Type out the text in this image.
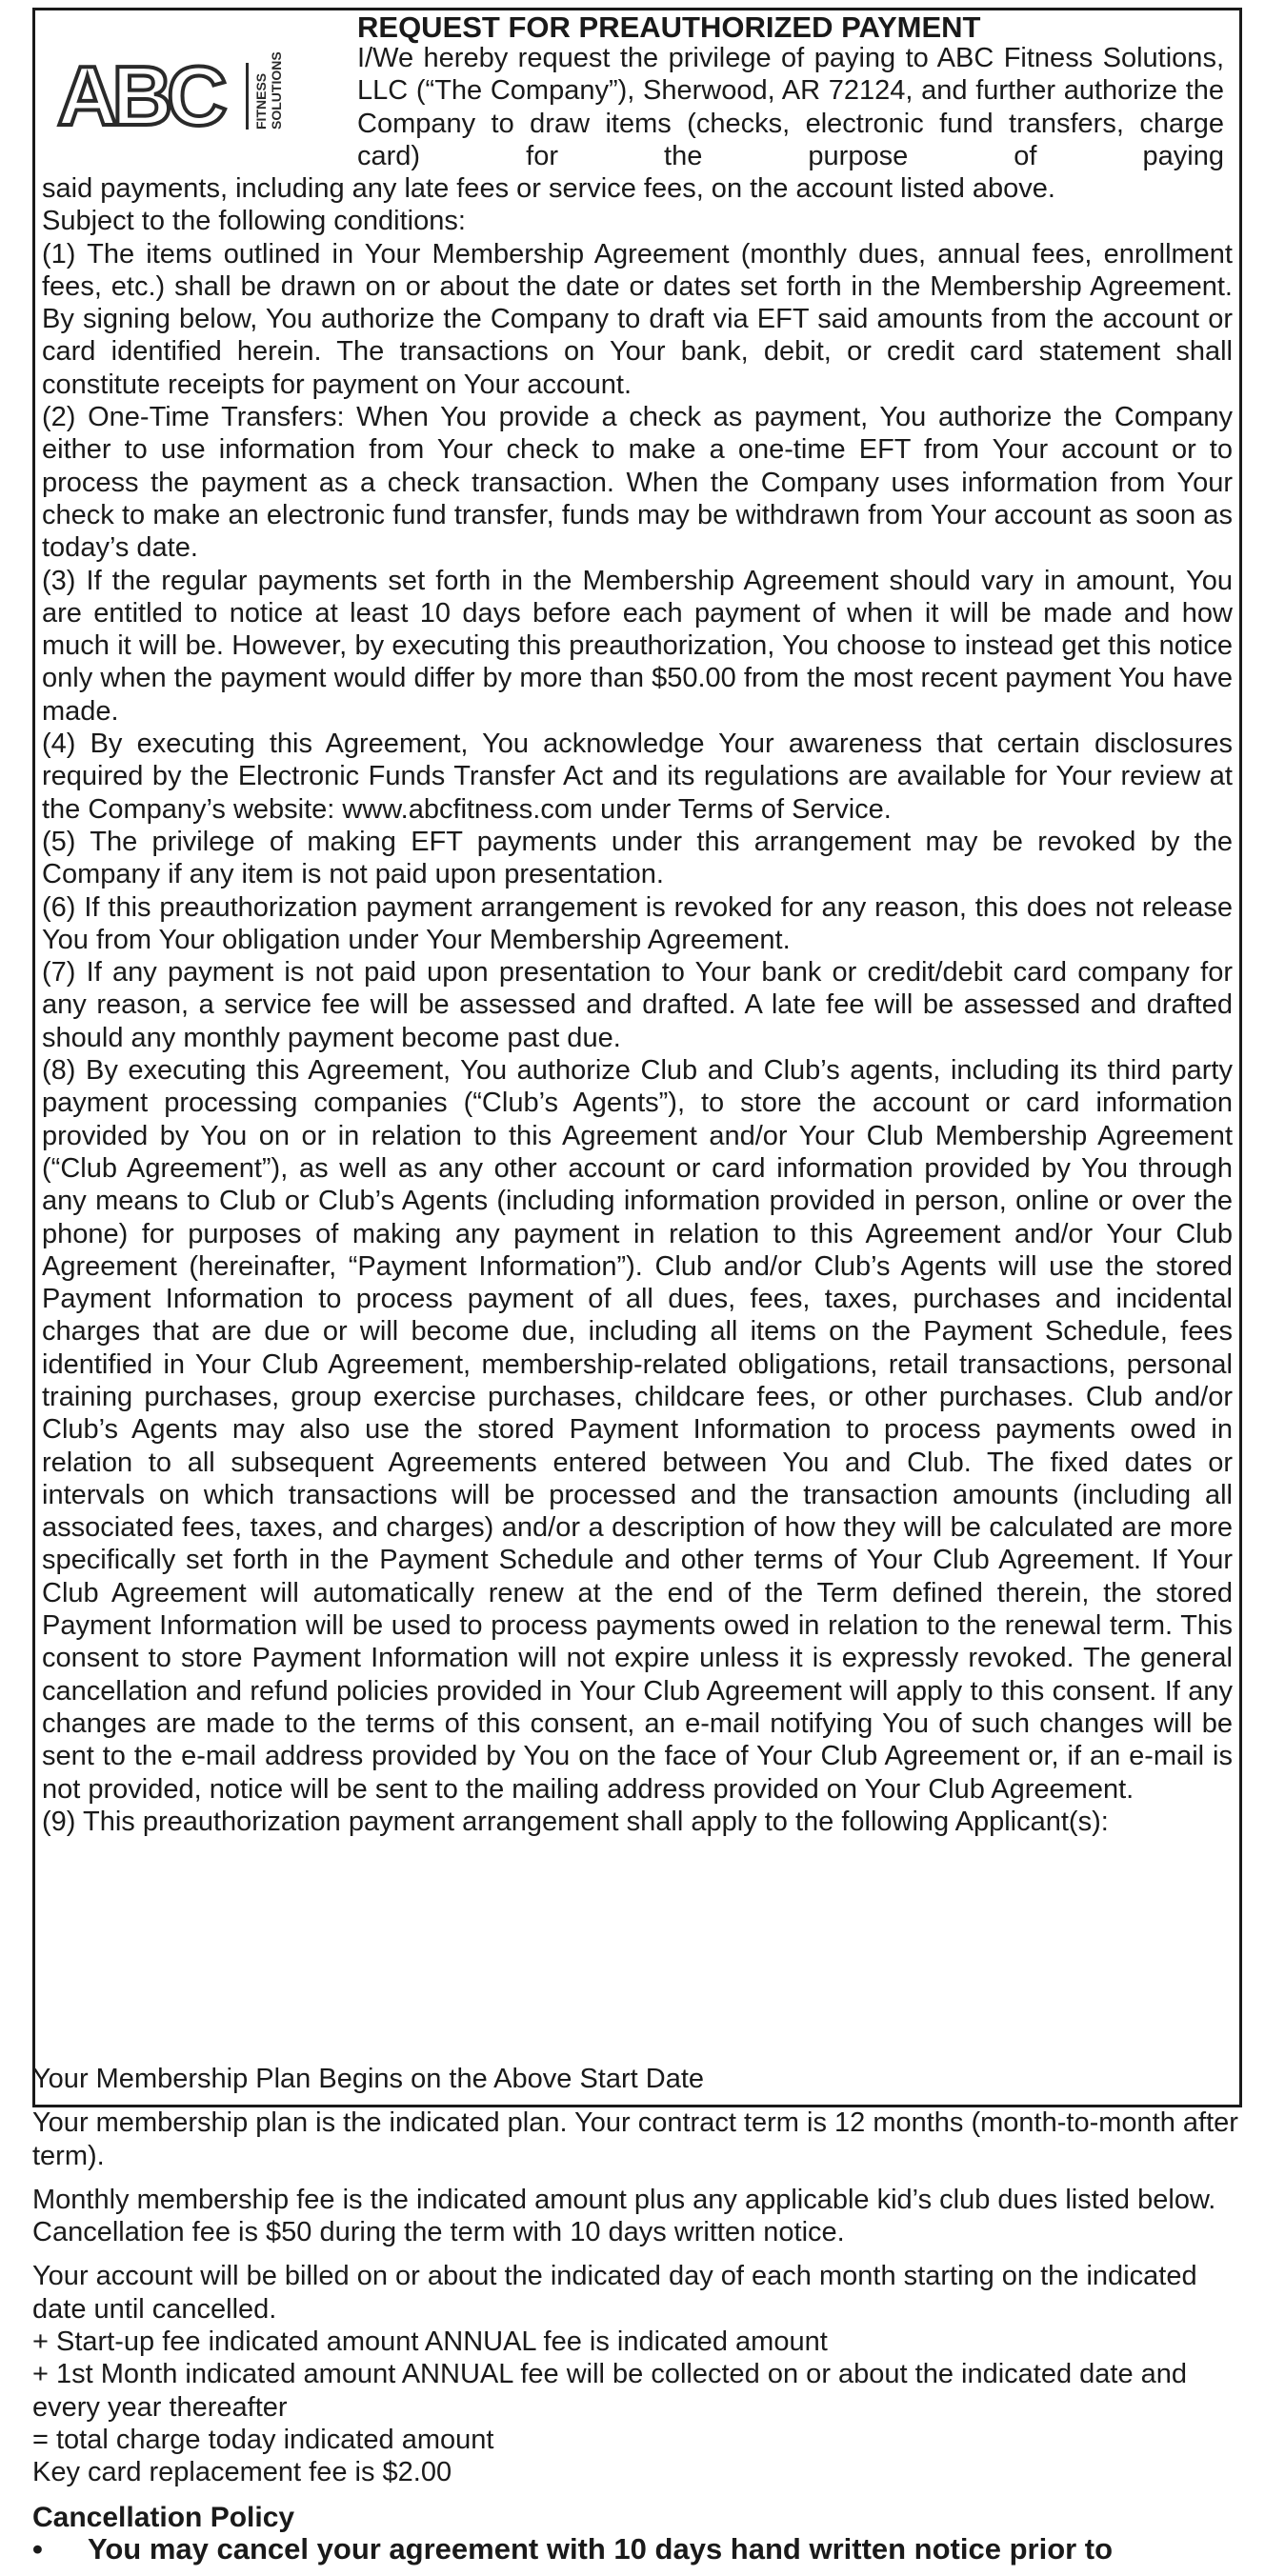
ABC	FITNESS SOLUTIONS
REQUEST FOR PREAUTHORIZED PAYMENT
I/We hereby request the privilege of paying to ABC Fitness Solutions, LLC (“The Company”), Sherwood, AR 72124, and further authorize the Company to draw items (checks, electronic fund transfers, charge card) for the purpose of paying

said payments, including any late fees or service fees, on the account listed above.

Subject to the following conditions:

(1) The items outlined in Your Membership Agreement (monthly dues, annual fees, enrollment fees, etc.) shall be drawn on or about the date or dates set forth in the Membership Agreement. By signing below, You authorize the Company to draft via EFT said amounts from the account or card identified herein. The transactions on Your bank, debit, or credit card statement shall constitute receipts for payment on Your account.

(2) One-Time Transfers: When You provide a check as payment, You authorize the Company either to use information from Your check to make a one-time EFT from Your account or to process the payment as a check transaction. When the Company uses information from Your check to make an electronic fund transfer, funds may be withdrawn from Your account as soon as today’s date.

(3) If the regular payments set forth in the Membership Agreement should vary in amount, You are entitled to notice at least 10 days before each payment of when it will be made and how much it will be. However, by executing this preauthorization, You choose to instead get this notice only when the payment would differ by more than $50.00 from the most recent payment You have made.

(4) By executing this Agreement, You acknowledge Your awareness that certain disclosures required by the Electronic Funds Transfer Act and its regulations are available for Your review at the Company’s website: www.abcfitness.com under Terms of Service.

(5) The privilege of making EFT payments under this arrangement may be revoked by the Company if any item is not paid upon presentation.

(6) If this preauthorization payment arrangement is revoked for any reason, this does not release You from Your obligation under Your Membership Agreement.

(7) If any payment is not paid upon presentation to Your bank or credit/debit card company for any reason, a service fee will be assessed and drafted. A late fee will be assessed and drafted should any monthly payment become past due.

(8) By executing this Agreement, You authorize Club and Club’s agents, including its third party payment processing companies (“Club’s Agents”), to store the account or card information provided by You on or in relation to this Agreement and/or Your Club Membership Agreement (“Club Agreement”), as well as any other account or card information provided by You through any means to Club or Club’s Agents (including information provided in person, online or over the phone) for purposes of making any payment in relation to this Agreement and/or Your Club Agreement (hereinafter, “Payment Information”). Club and/or Club’s Agents will use the stored Payment Information to process payment of all dues, fees, taxes, purchases and incidental charges that are due or will become due, including all items on the Payment Schedule, fees identified in Your Club Agreement, membership-related obligations, retail transactions, personal training purchases, group exercise purchases, childcare fees, or other purchases. Club and/or Club’s Agents may also use the stored Payment Information to process payments owed in relation to all subsequent Agreements entered between You and Club. The fixed dates or intervals on which transactions will be processed and the transaction amounts (including all associated fees, taxes, and charges) and/or a description of how they will be calculated are more specifically set forth in the Payment Schedule and other terms of Your Club Agreement. If Your Club Agreement will automatically renew at the end of the Term defined therein, the stored Payment Information will be used to process payments owed in relation to the renewal term. This consent to store Payment Information will not expire unless it is expressly revoked. The general cancellation and refund policies provided in Your Club Agreement will apply to this consent. If any changes are made to the terms of this consent, an e-mail notifying You of such changes will be sent to the e-mail address provided by You on the face of Your Club Agreement or, if an e-mail is not provided, notice will be sent to the mailing address provided on Your Club Agreement.

(9) This preauthorization payment arrangement shall apply to the following Applicant(s):

Your Membership Plan Begins on the Above Start Date

Your membership plan is the indicated plan. Your contract term is 12 months (month-to-month after term).

Monthly membership fee is the indicated amount plus any applicable kid’s club dues listed below. Cancellation fee is $50 during the term with 10 days written notice.

Your account will be billed on or about the indicated day of each month starting on the indicated date until cancelled.

+ Start-up fee indicated amount ANNUAL fee is indicated amount

+ 1st Month indicated amount ANNUAL fee will be collected on or about the indicated date and every year thereafter

= total charge today indicated amount

Key card replacement fee is $2.00

Cancellation Policy
• You may cancel your agreement with 10 days hand written notice prior to
